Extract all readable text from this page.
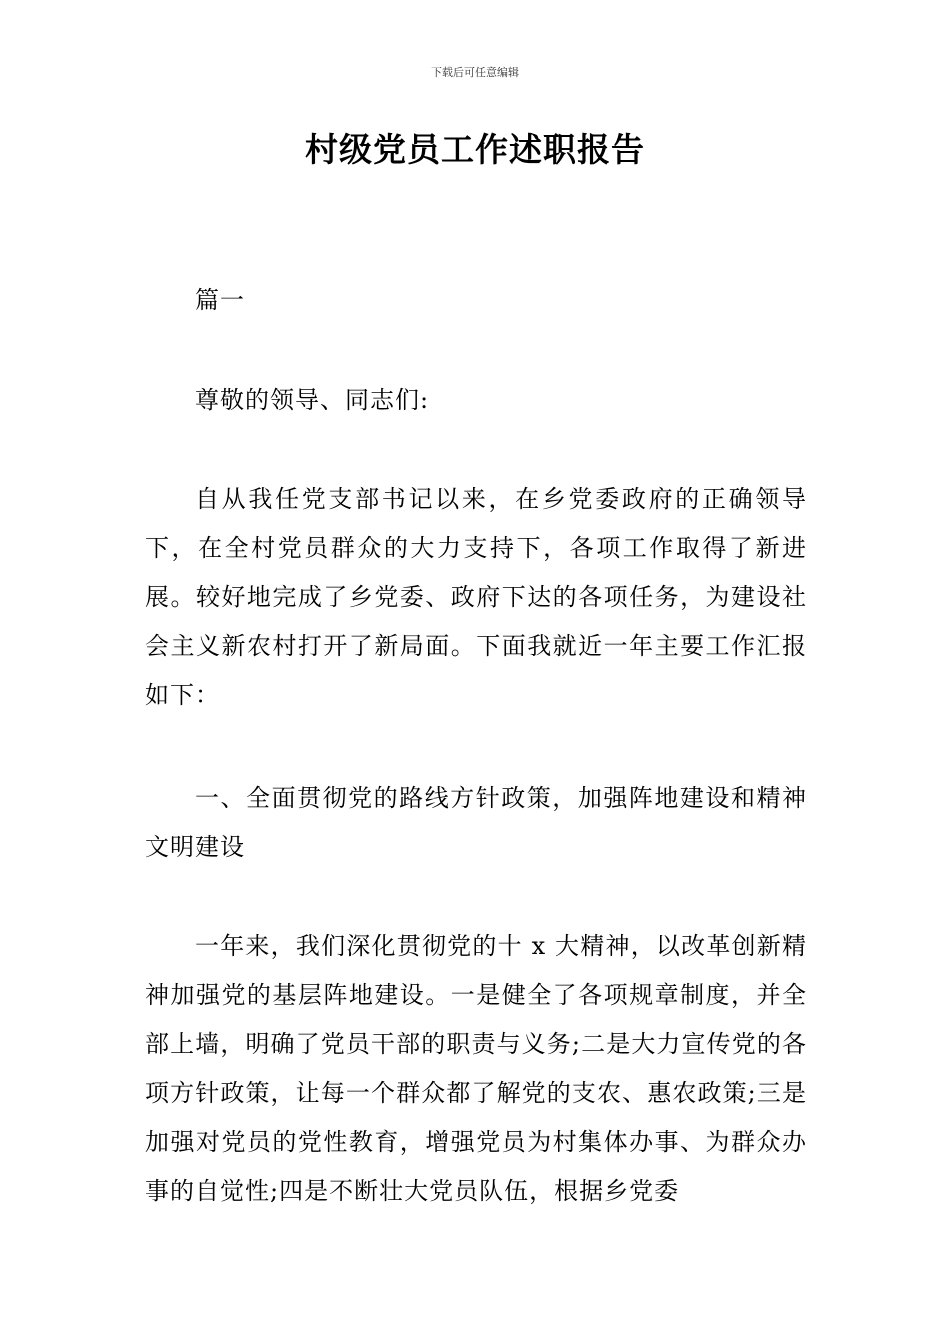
下载后可任意编辑
村级党员工作述职报告

篇一

尊敬的领导、同志们:

自从我任党支部书记以来，在乡党委政府的正确领导下，在全村党员群众的大力支持下，各项工作取得了新进展。较好地完成了乡党委、政府下达的各项任务，为建设社会主义新农村打开了新局面。下面我就近一年主要工作汇报如下：

一、全面贯彻党的路线方针政策，加强阵地建设和精神文明建设

一年来，我们深化贯彻党的十 x 大精神，以改革创新精神加强党的基层阵地建设。一是健全了各项规章制度，并全部上墙，明确了党员干部的职责与义务;二是大力宣传党的各项方针政策，让每一个群众都了解党的支农、惠农政策;三是加强对党员的党性教育，增强党员为村集体办事、为群众办事的自觉性;四是不断壮大党员队伍，根据乡党委
